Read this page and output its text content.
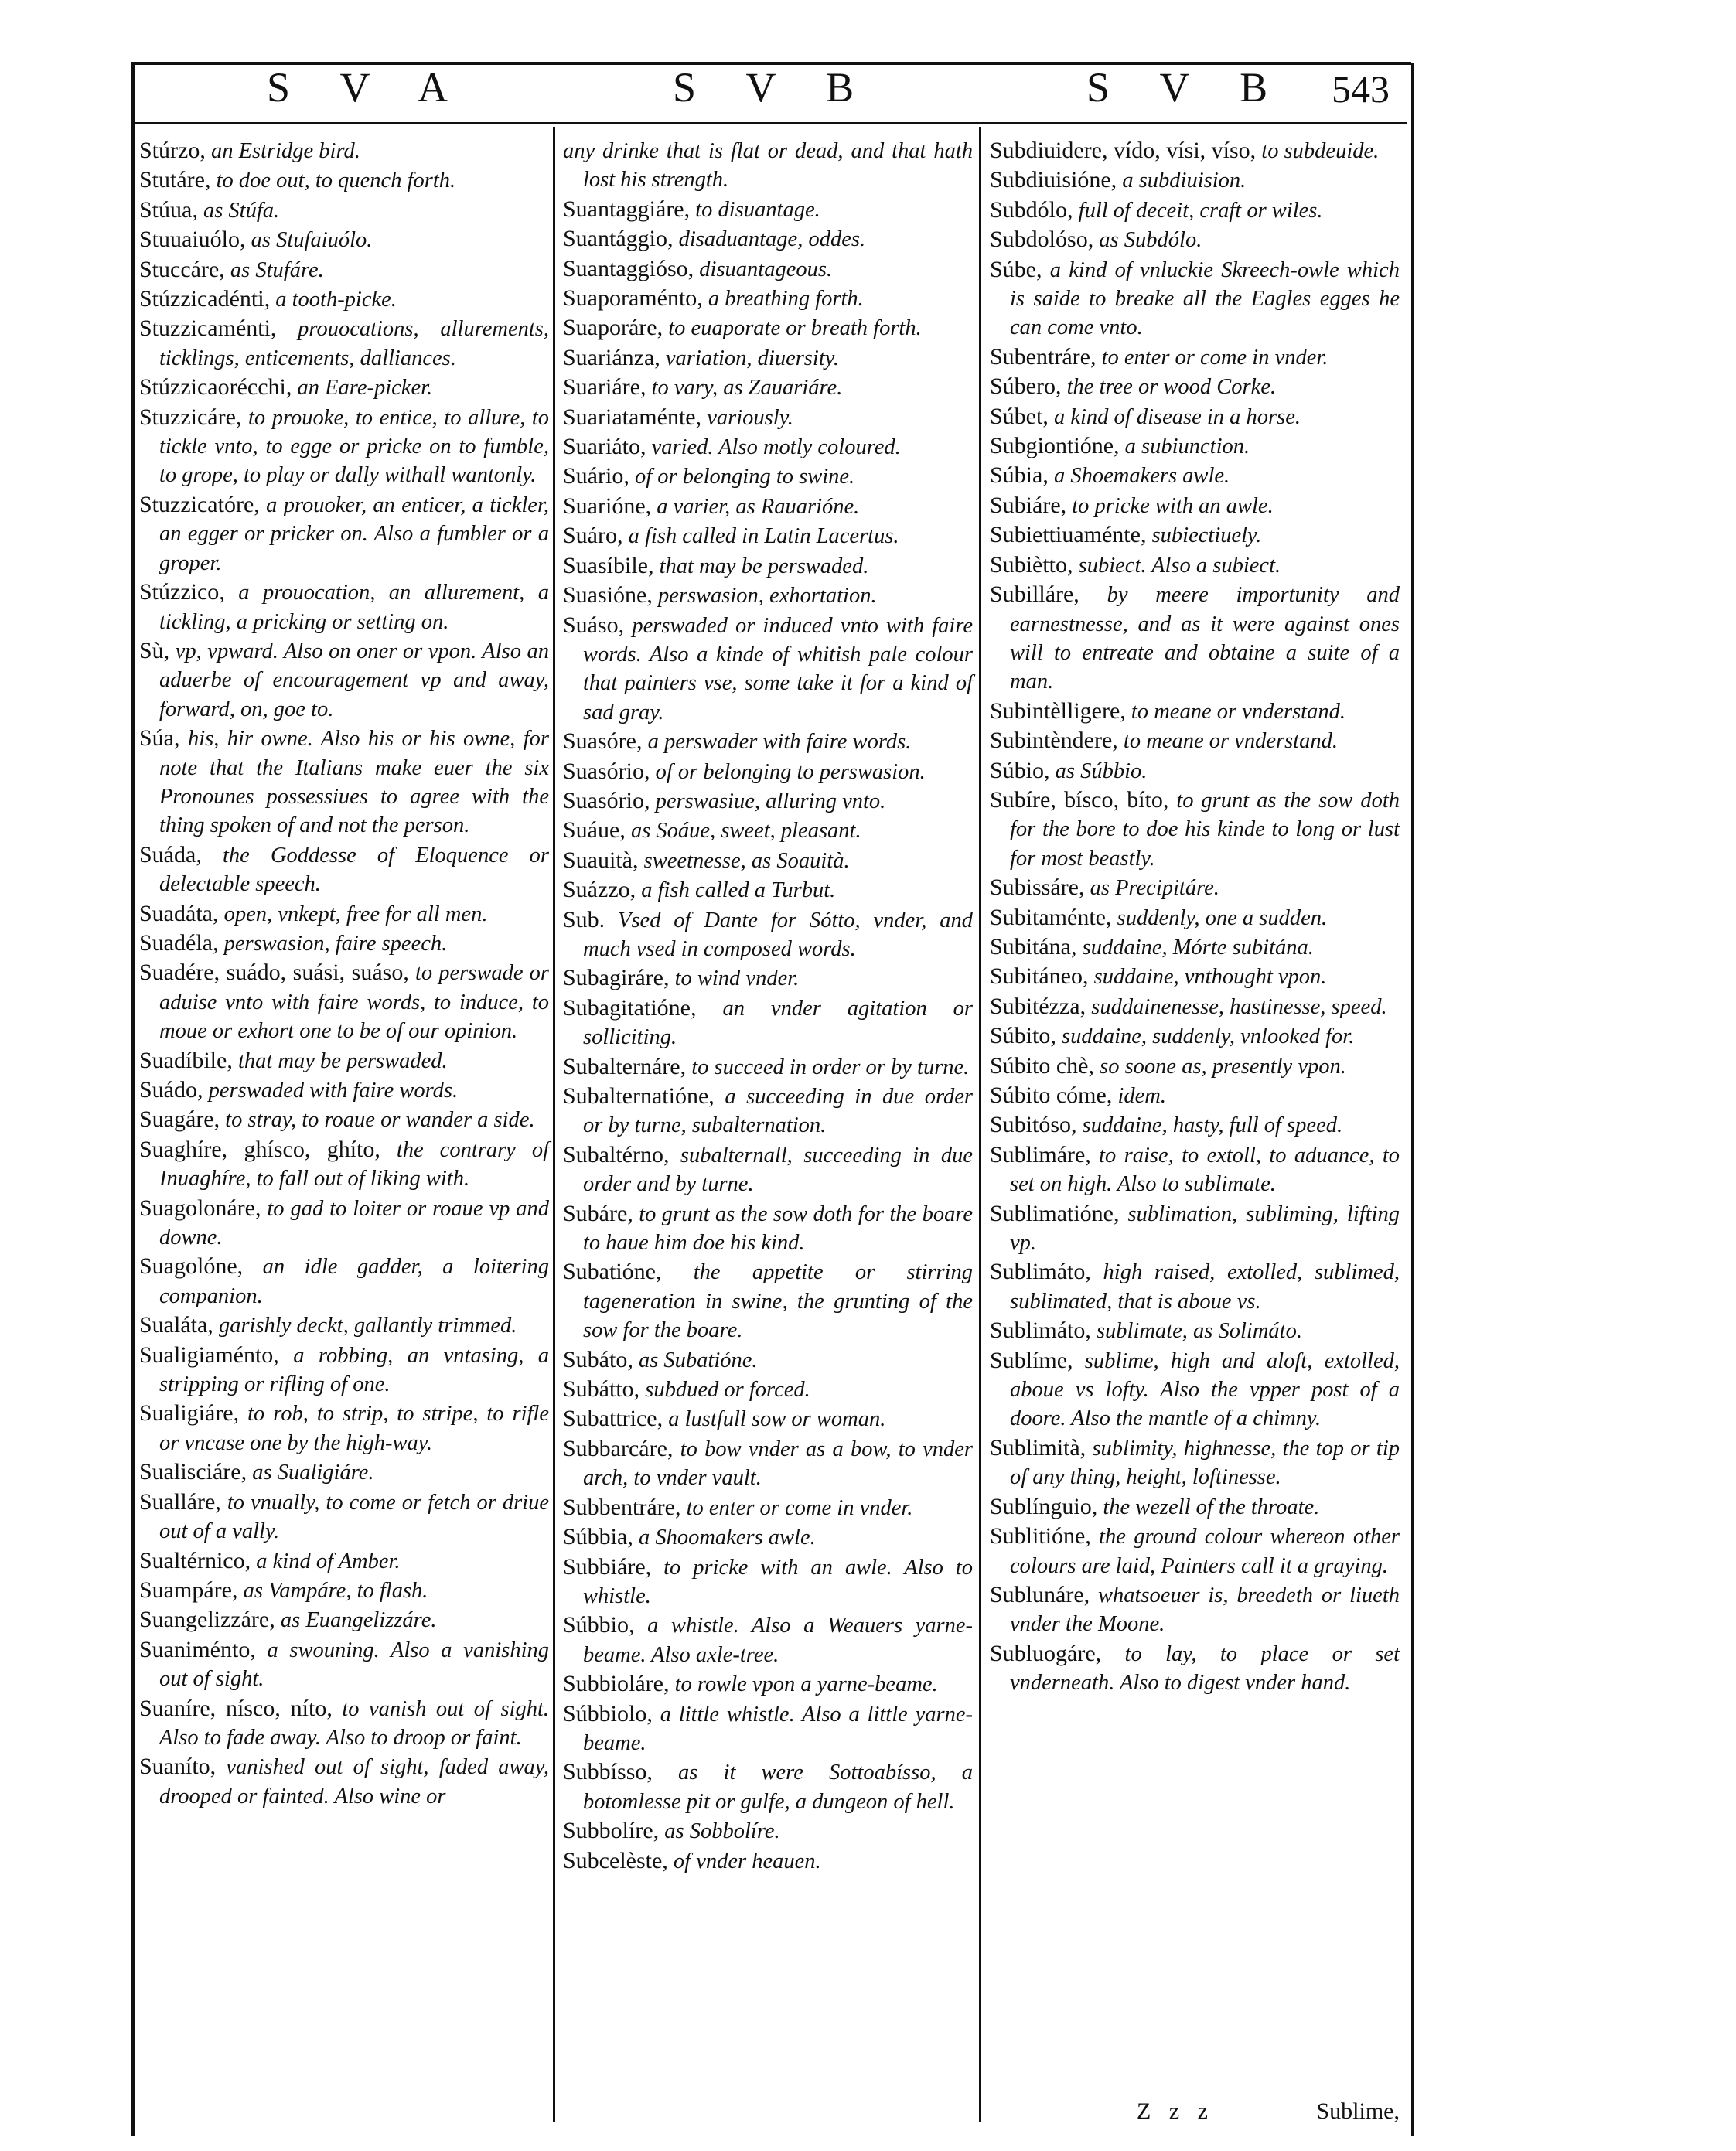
S V A	S V B	S V B 543

Stúrzo, an Estridge bird.

Stutáre, to doe out, to quench forth.

Stúua, as Stúfa.

Stuuaiuólo, as Stufaiuólo.

Stuccáre, as Stufáre.

Stúzzicadénti, a tooth-picke.

Stuzzicaménti, prouocations, allurements, ticklings, enticements, dalliances.

Stúzzicaorécchi, an Eare-picker.

Stuzzicáre, to prouoke, to entice, to allure, to tickle vnto, to egge or pricke on to fumble, to grope, to play or dally withall wantonly.

Stuzzicatóre, a prouoker, an enticer, a tickler, an egger or pricker on. Also a fumbler or a groper.

Stúzzico, a prouocation, an allurement, a tickling, a pricking or setting on.

Sù, vp, vpward. Also on oner or vpon. Also an aduerbe of encouragement vp and away, forward, on, goe to.

Súa, his, hir owne. Also his or his owne, for note that the Italians make euer the six Pronounes possessiues to agree with the thing spoken of and not the person.

Suáda, the Goddesse of Eloquence or delectable speech.

Suadáta, open, vnkept, free for all men.

Suadéla, perswasion, faire speech.

Suadére, suádo, suási, suáso, to perswade or aduise vnto with faire words, to induce, to moue or exhort one to be of our opinion.

Suadíbile, that may be perswaded.

Suádo, perswaded with faire words.

Suagáre, to stray, to roaue or wander a side.

Suaghíre, ghísco, ghíto, the contrary of Inuaghíre, to fall out of liking with.

Suagolonáre, to gad to loiter or roaue vp and downe.

Suagolóne, an idle gadder, a loitering companion.

Sualáta, garishly deckt, gallantly trimmed.

Sualigiaménto, a robbing, an vntasing, a stripping or rifling of one.

Sualigiáre, to rob, to strip, to stripe, to rifle or vncase one by the high-way.

Sualisciáre, as Sualigiáre.

Sualláre, to vnually, to come or fetch or driue out of a vally.

Sualtérnico, a kind of Amber.

Suampáre, as Vampáre, to flash.

Suangelizzáre, as Euangelizzáre.

Suaniménto, a swouning. Also a vanishing out of sight.

Suaníre, nísco, níto, to vanish out of sight. Also to fade away. Also to droop or faint.

Suaníto, vanished out of sight, faded away, drooped or fainted. Also wine or

any drinke that is flat or dead, and that hath lost his strength.

Suantaggiáre, to disuantage.

Suantággio, disaduantage, oddes.

Suantaggióso, disuantageous.

Suaporaménto, a breathing forth.

Suaporáre, to euaporate or breath forth.

Suariánza, variation, diuersity.

Suariáre, to vary, as Zauariáre.

Suariataménte, variously.

Suariáto, varied. Also motly coloured.

Suário, of or belonging to swine.

Suarióne, a varier, as Rauarióne.

Suáro, a fish called in Latin Lacertus.

Suasíbile, that may be perswaded.

Suasióne, perswasion, exhortation.

Suáso, perswaded or induced vnto with faire words. Also a kinde of whitish pale colour that painters vse, some take it for a kind of sad gray.

Suasóre, a perswader with faire words.

Suasório, of or belonging to perswasion.

Suasório, perswasiue, alluring vnto.

Suáue, as Soáue, sweet, pleasant.

Suauità, sweetnesse, as Soauità.

Suázzo, a fish called a Turbut.

Sub. Vsed of Dante for Sótto, vnder, and much vsed in composed words.

Subagiráre, to wind vnder.

Subagitatióne, an vnder agitation or solliciting.

Subalternáre, to succeed in order or by turne.

Subalternatióne, a succeeding in due order or by turne, subalternation.

Subaltérno, subalternall, succeeding in due order and by turne.

Subáre, to grunt as the sow doth for the boare to haue him doe his kind.

Subatióne, the appetite or stirring tageneration in swine, the grunting of the sow for the boare.

Subáto, as Subatióne.

Subátto, subdued or forced.

Subattrice, a lustfull sow or woman.

Subbarcáre, to bow vnder as a bow, to vnder arch, to vnder vault.

Subbentráre, to enter or come in vnder.

Súbbia, a Shoomakers awle.

Subbiáre, to pricke with an awle. Also to whistle.

Súbbio, a whistle. Also a Weauers yarne-beame. Also axle-tree.

Subbioláre, to rowle vpon a yarne-beame.

Súbbiolo, a little whistle. Also a little yarne-beame.

Subbísso, as it were Sottoabísso, a botomlesse pit or gulfe, a dungeon of hell.

Subbolíre, as Sobbolíre.

Subcelèste, of vnder heauen.

Subdiuidere, vído, vísi, víso, to subdeuide.

Subdiuisióne, a subdiuision.

Subdólo, full of deceit, craft or wiles.

Subdolóso, as Subdólo.

Súbe, a kind of vnluckie Skreech-owle which is saide to breake all the Eagles egges he can come vnto.

Subentráre, to enter or come in vnder.

Súbero, the tree or wood Corke.

Súbet, a kind of disease in a horse.

Subgiontióne, a subiunction.

Súbia, a Shoemakers awle.

Subiáre, to pricke with an awle.

Subiettiuaménte, subiectiuely.

Subiètto, subiect. Also a subiect.

Subilláre, by meere importunity and earnestnesse, and as it were against ones will to entreate and obtaine a suite of a man.

Subintèlligere, to meane or vnderstand.

Subintèndere, to meane or vnderstand.

Súbio, as Súbbio.

Subíre, bísco, bíto, to grunt as the sow doth for the bore to doe his kinde to long or lust for most beastly.

Subissáre, as Precipitáre.

Subitaménte, suddenly, one a sudden.

Subitána, suddaine, Mórte subitána.

Subitáneo, suddaine, vnthought vpon.

Subitézza, suddainenesse, hastinesse, speed.

Súbito, suddaine, suddenly, vnlooked for.

Súbito chè, so soone as, presently vpon.

Súbito cóme, idem.

Subitóso, suddaine, hasty, full of speed.

Sublimáre, to raise, to extoll, to aduance, to set on high. Also to sublimate.

Sublimatióne, sublimation, subliming, lifting vp.

Sublimáto, high raised, extolled, sublimed, sublimated, that is aboue vs.

Sublimáto, sublimate, as Solimáto.

Sublíme, sublime, high and aloft, extolled, aboue vs lofty. Also the vpper post of a doore. Also the mantle of a chimny.

Sublimità, sublimity, highnesse, the top or tip of any thing, height, loftinesse.

Sublínguio, the wezell of the throate.

Sublitióne, the ground colour whereon other colours are laid, Painters call it a graying.

Sublunáre, whatsoeuer is, breedeth or liueth vnder the Moone.

Subluogáre, to lay, to place or set vnderneath. Also to digest vnder hand.

Z z z	Sublime,
